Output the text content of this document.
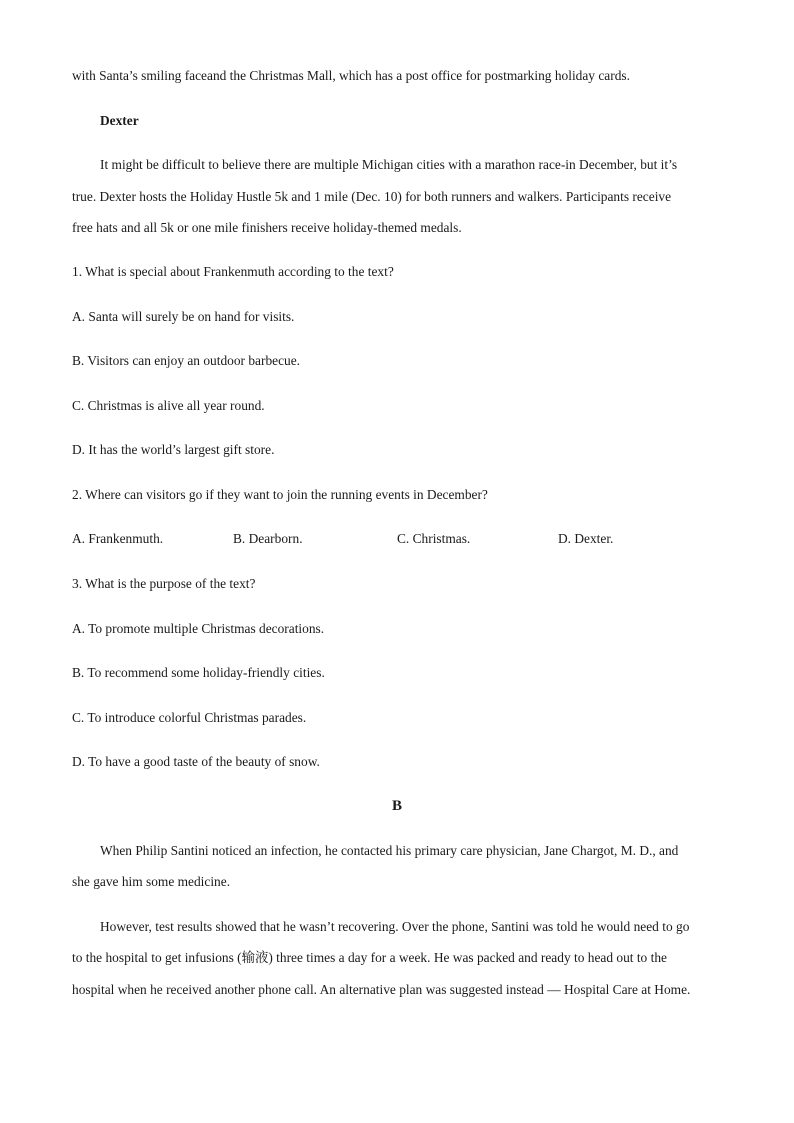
with Santa’s smiling faceand the Christmas Mall, which has a post office for postmarking holiday cards.
Dexter
It might be difficult to believe there are multiple Michigan cities with a marathon race-in December, but it’s
true. Dexter hosts the Holiday Hustle 5k and 1 mile (Dec. 10) for both runners and walkers. Participants receive
free hats and all 5k or one mile finishers receive holiday-themed medals.
1. What is special about Frankenmuth according to the text?
A. Santa will surely be on hand for visits.
B. Visitors can enjoy an outdoor barbecue.
C. Christmas is alive all year round.
D. It has the world’s largest gift store.
2. Where can visitors go if they want to join the running events in December?
A. Frankenmuth.	B. Dearborn.	C. Christmas.	D. Dexter.
3. What is the purpose of the text?
A. To promote multiple Christmas decorations.
B. To recommend some holiday-friendly cities.
C. To introduce colorful Christmas parades.
D. To have a good taste of the beauty of snow.
B
When Philip Santini noticed an infection, he contacted his primary care physician, Jane Chargot, M. D., and
she gave him some medicine.
However, test results showed that he wasn’t recovering. Over the phone, Santini was told he would need to go
to the hospital to get infusions (输液) three times a day for a week. He was packed and ready to head out to the
hospital when he received another phone call. An alternative plan was suggested instead — Hospital Care at Home.
